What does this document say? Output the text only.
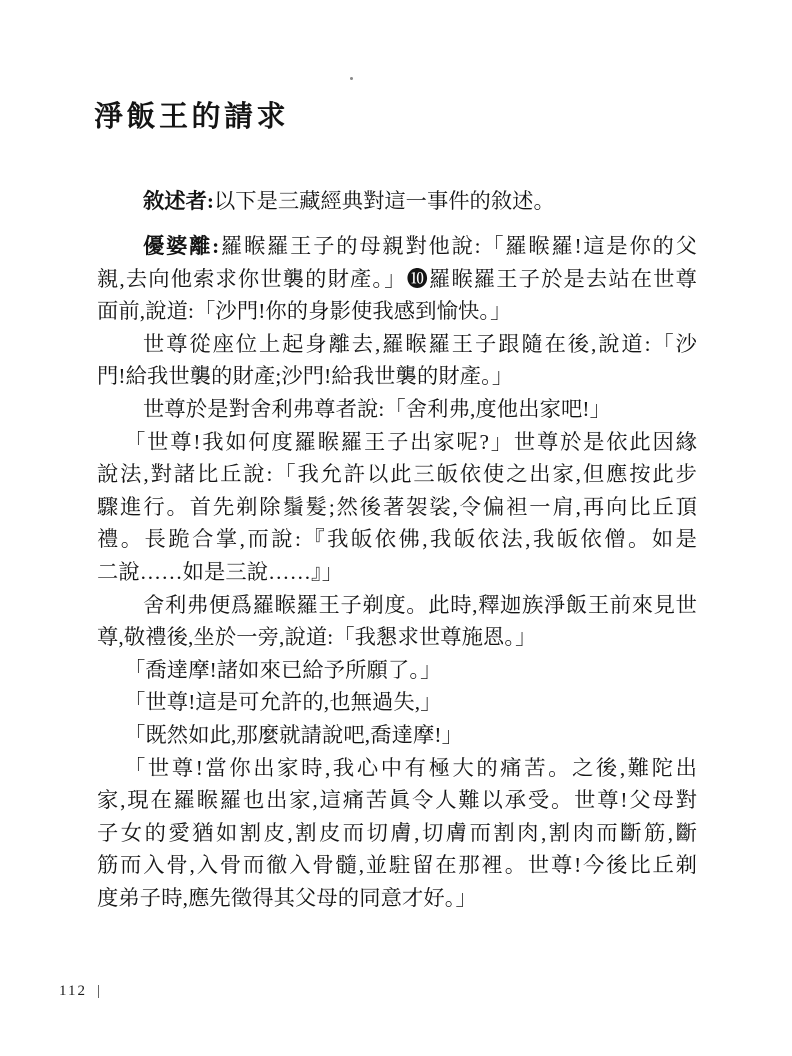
淨飯王的請求

敘述者:以下是三藏經典對這一事件的敘述。

優婆離:羅睺羅王子的母親對他說:「羅睺羅!這是你的父
親,去向他索求你世襲的財產。」❿羅睺羅王子於是去站在世尊
面前,說道:「沙門!你的身影使我感到愉快。」
世尊從座位上起身離去,羅睺羅王子跟隨在後,說道:「沙
門!給我世襲的財產;沙門!給我世襲的財產。」
世尊於是對舍利弗尊者說:「舍利弗,度他出家吧!」
「世尊!我如何度羅睺羅王子出家呢?」世尊於是依此因緣
說法,對諸比丘說:「我允許以此三皈依使之出家,但應按此步
驟進行。首先剃除鬚髮;然後著袈裟,令偏袒一肩,再向比丘頂
禮。長跪合掌,而說:『我皈依佛,我皈依法,我皈依僧。如是
二說……如是三說……』」
舍利弗便爲羅睺羅王子剃度。此時,釋迦族淨飯王前來見世
尊,敬禮後,坐於一旁,說道:「我懇求世尊施恩。」
「喬達摩!諸如來已給予所願了。」
「世尊!這是可允許的,也無過失,」
「既然如此,那麼就請說吧,喬達摩!」
「世尊!當你出家時,我心中有極大的痛苦。之後,難陀出
家,現在羅睺羅也出家,這痛苦眞令人難以承受。世尊!父母對
子女的愛猶如割皮,割皮而切膚,切膚而割肉,割肉而斷筋,斷
筋而入骨,入骨而徹入骨髓,並駐留在那裡。世尊!今後比丘剃
度弟子時,應先徵得其父母的同意才好。」
112 |
